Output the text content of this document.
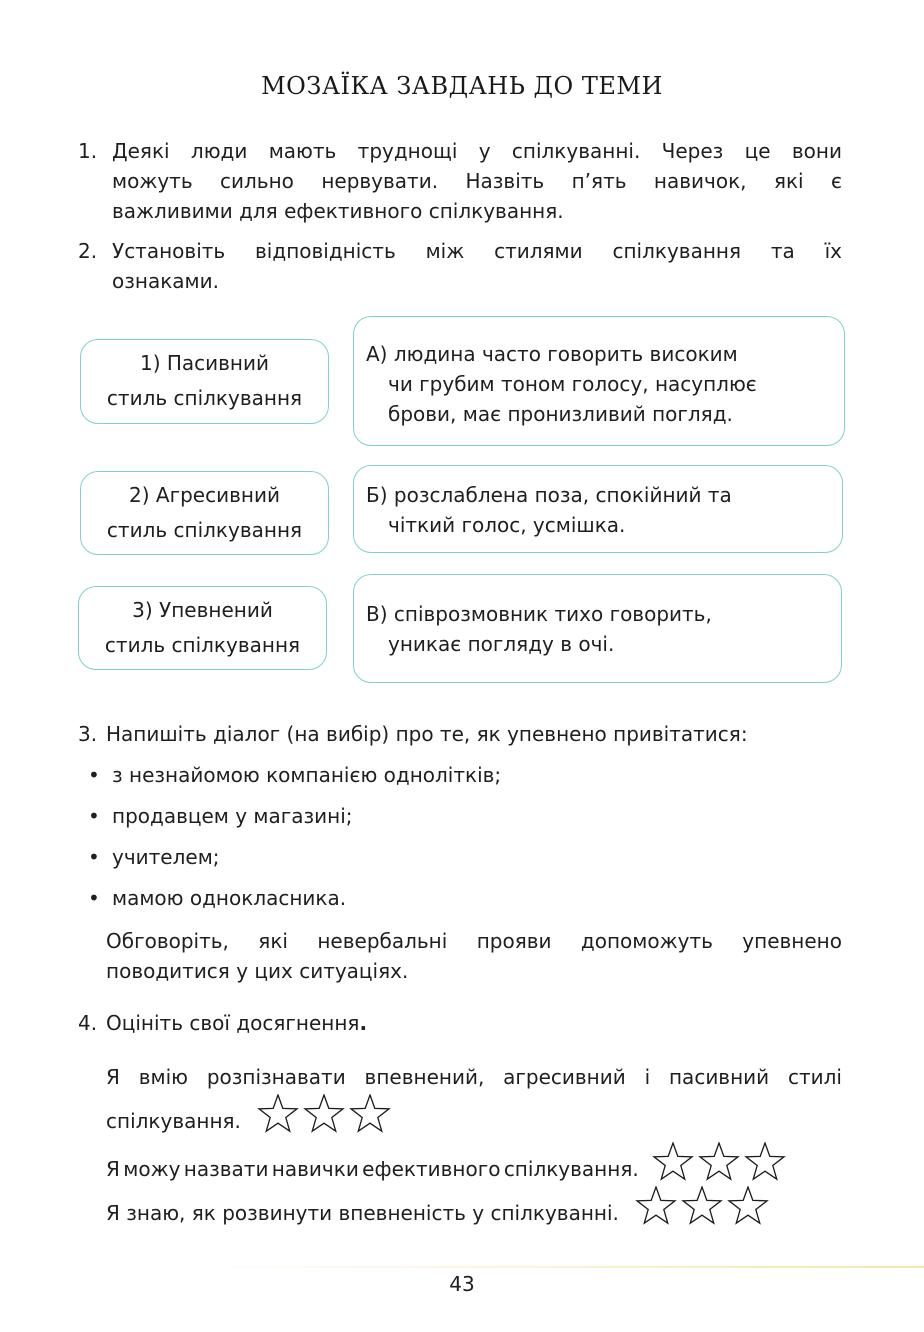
МОЗАЇКА ЗАВДАНЬ ДО ТЕМИ
1. Деякі люди мають труднощі у спілкуванні. Через це вони
можуть сильно нервувати. Назвіть п’ять навичок, які є
важливими для ефективного спілкування.
2. Установіть відповідність між стилями спілкування та їх
ознаками.
1) Пасивний
стиль спілкування
2) Агресивний
стиль спілкування
3) Упевнений
стиль спілкування
А) людина часто говорить високим
чи грубим тоном голосу, насуплює
брови, має пронизливий погляд.
Б) розслаблена поза, спокійний та
чіткий голос, усмішка.
В) співрозмовник тихо говорить,
уникає погляду в очі.
3. Напишіть діалог (на вибір) про те, як упевнено привітатися:
• з незнайомою компанією однолітків;
• продавцем у магазині;
• учителем;
• мамою однокласника.
Обговоріть, які невербальні прояви допоможуть упевнено
поводитися у цих ситуаціях.
4. Оцініть свої досягнення.
Я вмію розпізнавати впевнений, агресивний і пасивний стилі
спілкування.
Я можу назвати навички ефективного спілкування.
Я знаю, як розвинути впевненість у спілкуванні.
43
